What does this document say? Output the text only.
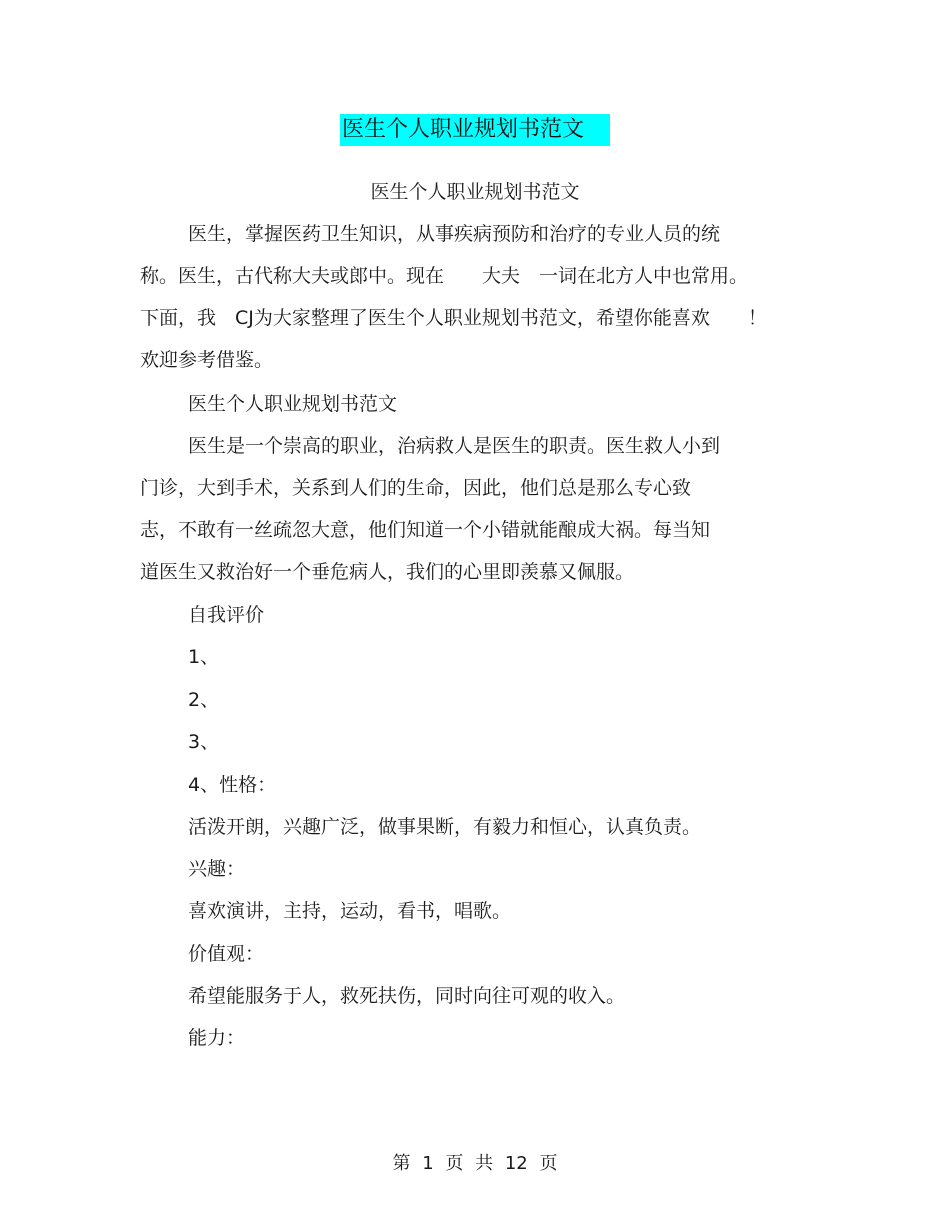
医生个人职业规划书范文
医生个人职业规划书范文
医生，掌握医药卫生知识，从事疾病预防和治疗的专业人员的统
称。医生，古代称大夫或郎中。现在　　大夫　一词在北方人中也常用。
下面，我　CJ为大家整理了医生个人职业规划书范文，希望你能喜欢　　！
欢迎参考借鉴。
医生个人职业规划书范文
医生是一个崇高的职业，治病救人是医生的职责。医生救人小到
门诊，大到手术，关系到人们的生命，因此，他们总是那么专心致
志，不敢有一丝疏忽大意，他们知道一个小错就能酿成大祸。每当知
道医生又救治好一个垂危病人，我们的心里即羡慕又佩服。
自我评价
1、
2、
3、
4、性格：
活泼开朗，兴趣广泛，做事果断，有毅力和恒心，认真负责。
兴趣：
喜欢演讲，主持，运动，看书，唱歌。
价值观：
希望能服务于人，救死扶伤，同时向往可观的收入。
能力：
第 1 页 共 12 页
